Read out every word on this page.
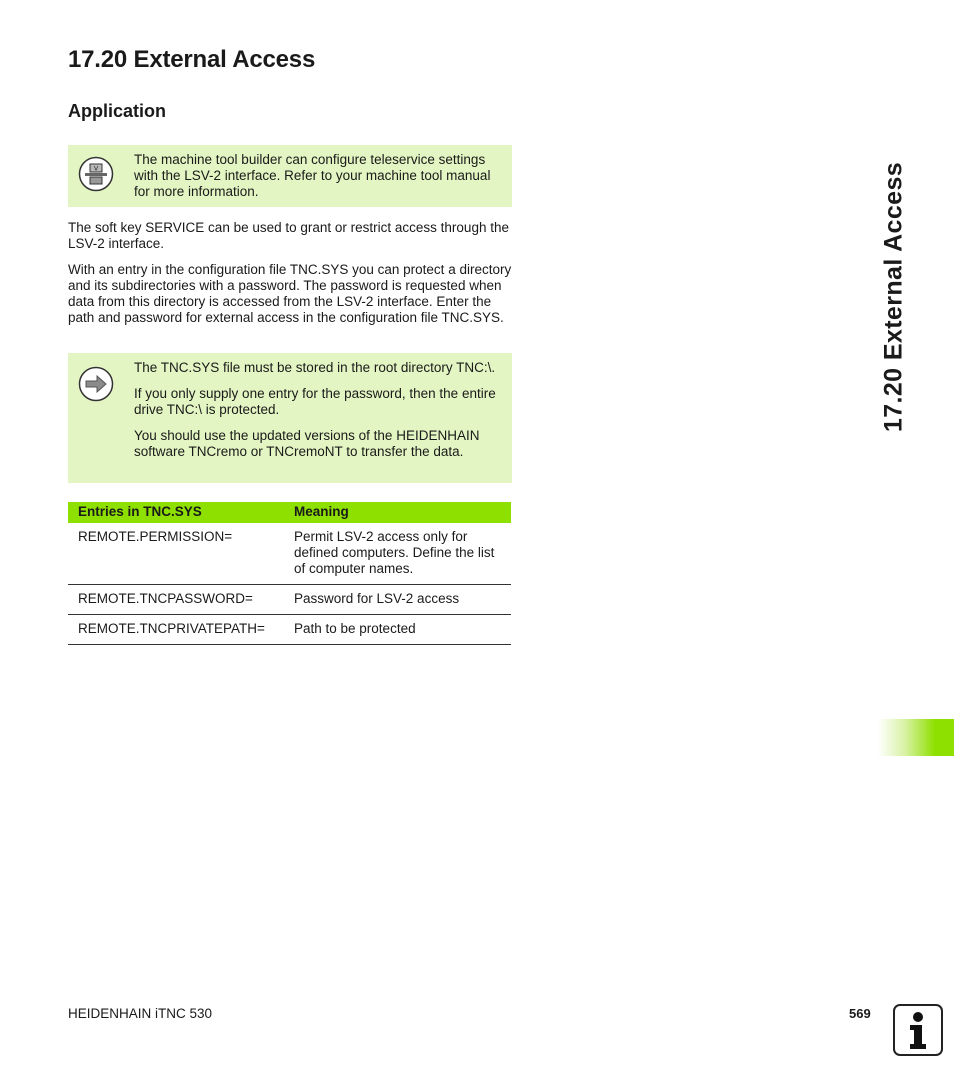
17.20 External Access
Application
V

The machine tool builder can configure teleservice settings with the LSV-2 interface. Refer to your machine tool manual for more information.

The soft key SERVICE can be used to grant or restrict access through the LSV-2 interface.

With an entry in the configuration file TNC.SYS you can protect a directory and its subdirectories with a password. The password is requested when data from this directory is accessed from the LSV-2 interface. Enter the path and password for external access in the configuration file TNC.SYS.

The TNC.SYS file must be stored in the root directory TNC:\.

If you only supply one entry for the password, then the entire drive TNC:\ is protected.

You should use the updated versions of the HEIDENHAIN software TNCremo or TNCremoNT to transfer the data.

Entries in TNC.SYS	Meaning
REMOTE.PERMISSION=	Permit LSV-2 access only for defined computers. Define the list of computer names.
REMOTE.TNCPASSWORD=	Password for LSV-2 access
REMOTE.TNCPRIVATEPATH=	Path to be protected
17.20 External Access
HEIDENHAIN iTNC 530	569
